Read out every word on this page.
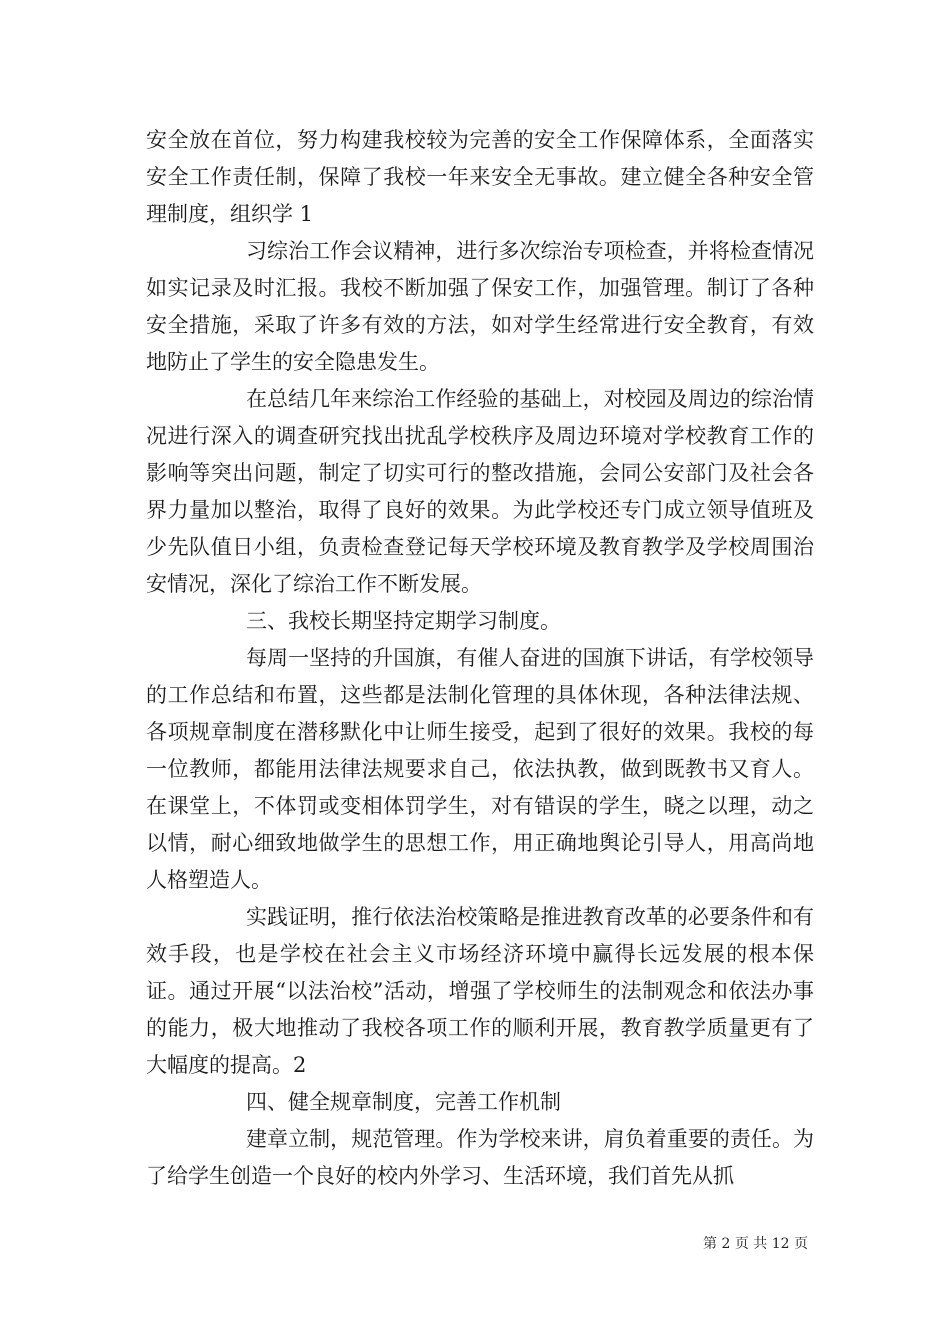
安全放在首位，努力构建我校较为完善的安全工作保障体系，全面落实安全工作责任制，保障了我校一年来安全无事故。建立健全各种安全管理制度，组织学 1

习综治工作会议精神，进行多次综治专项检查，并将检查情况如实记录及时汇报。我校不断加强了保安工作，加强管理。制订了各种安全措施，采取了许多有效的方法，如对学生经常进行安全教育，有效地防止了学生的安全隐患发生。

在总结几年来综治工作经验的基础上，对校园及周边的综治情况进行深入的调查研究找出扰乱学校秩序及周边环境对学校教育工作的影响等突出问题，制定了切实可行的整改措施，会同公安部门及社会各界力量加以整治，取得了良好的效果。为此学校还专门成立领导值班及少先队值日小组，负责检查登记每天学校环境及教育教学及学校周围治安情况，深化了综治工作不断发展。

三、我校长期坚持定期学习制度。

每周一坚持的升国旗，有催人奋进的国旗下讲话，有学校领导的工作总结和布置，这些都是法制化管理的具体休现，各种法律法规、各项规章制度在潜移默化中让师生接受，起到了很好的效果。我校的每一位教师，都能用法律法规要求自己，依法执教，做到既教书又育人。在课堂上，不体罚或变相体罚学生，对有错误的学生，晓之以理，动之以情，耐心细致地做学生的思想工作，用正确地舆论引导人，用高尚地人格塑造人。

实践证明，推行依法治校策略是推进教育改革的必要条件和有效手段，也是学校在社会主义市场经济环境中赢得长远发展的根本保证。通过开展“以法治校”活动，增强了学校师生的法制观念和依法办事的能力，极大地推动了我校各项工作的顺利开展，教育教学质量更有了大幅度的提高。2

四、健全规章制度，完善工作机制

建章立制，规范管理。作为学校来讲，肩负着重要的责任。为了给学生创造一个良好的校内外学习、生活环境，我们首先从抓

第 2 页 共 12 页
